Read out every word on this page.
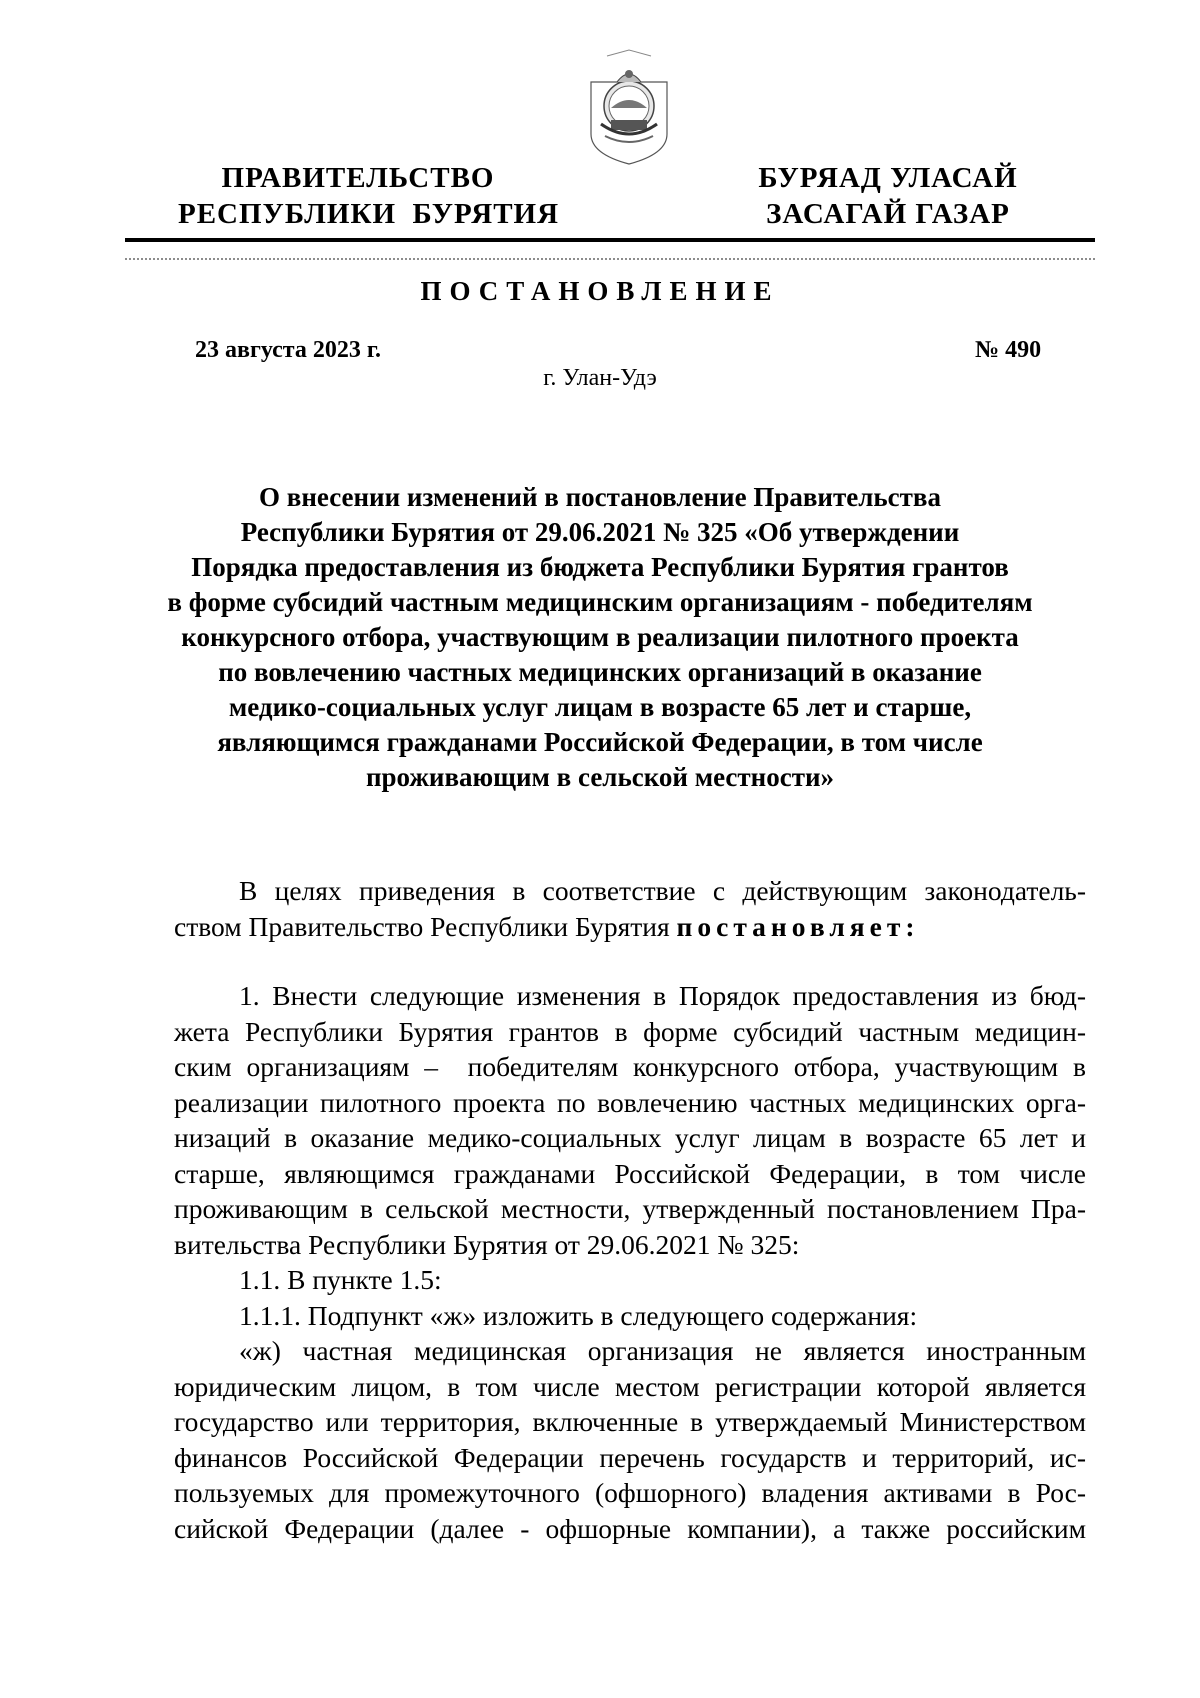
ПРАВИТЕЛЬСТВО
РЕСПУБЛИКИ  БУРЯТИЯ
БУРЯАД УЛАСАЙ
ЗАСАГАЙ ГАЗАР
ПОСТАНОВЛЕНИЕ
23 августа 2023 г.	№ 490
г. Улан-Удэ
О внесении изменений в постановление Правительства
Республики Бурятия от 29.06.2021 № 325 «Об утверждении
Порядка предоставления из бюджета Республики Бурятия грантов
в форме субсидий частным медицинским организациям - победителям
конкурсного отбора, участвующим в реализации пилотного проекта
по вовлечению частных медицинских организаций в оказание
медико-социальных услуг лицам в возрасте 65 лет и старше,
являющимся гражданами Российской Федерации, в том числе
проживающим в сельской местности»
В целях приведения в соответствие с действующим законодатель-
ством Правительство Республики Бурятия постановляет:
1. Внести следующие изменения в Порядок предоставления из бюд-
жета Республики Бурятия грантов в форме субсидий частным медицин-
ским организациям –  победителям конкурсного отбора, участвующим в
реализации пилотного проекта по вовлечению частных медицинских орга-
низаций в оказание медико-социальных услуг лицам в возрасте 65 лет и
старше, являющимся гражданами Российской Федерации, в том числе
проживающим в сельской местности, утвержденный постановлением Пра-
вительства Республики Бурятия от 29.06.2021 № 325:
1.1. В пункте 1.5:
1.1.1. Подпункт «ж» изложить в следующего содержания:
«ж) частная медицинская организация не является иностранным
юридическим лицом, в том числе местом регистрации которой является
государство или территория, включенные в утверждаемый Министерством
финансов Российской Федерации перечень государств и территорий, ис-
пользуемых для промежуточного (офшорного) владения активами в Рос-
сийской Федерации (далее - офшорные компании), а также российским
